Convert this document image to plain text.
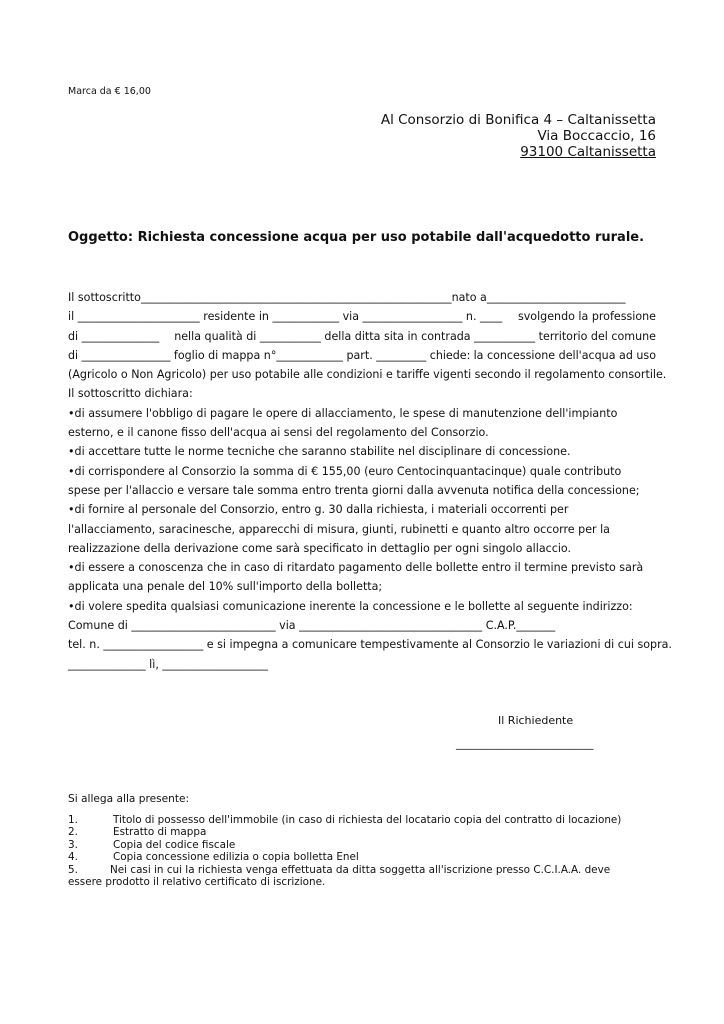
Marca da € 16,00
Al Consorzio di Bonifica 4 – Caltanissetta
Via Boccaccio, 16
93100 Caltanissetta
Oggetto: Richiesta concessione acqua per uso potabile dall'acquedotto rurale.
Il sottoscritto________________________________________________________nato a_________________________
il ______________________ residente in ____________ via __________________ n. ____ svolgendo la professione
di ______________ nella qualità di ___________ della ditta sita in contrada ___________ territorio del comune
di ________________ foglio di mappa n°____________ part. _________ chiede: la concessione dell'acqua ad uso
(Agricolo o Non Agricolo) per uso potabile alle condizioni e tariffe vigenti secondo il regolamento consortile.
Il sottoscritto dichiara:
•di assumere l'obbligo di pagare le opere di allacciamento, le spese di manutenzione dell'impianto
esterno, e il canone fisso dell'acqua ai sensi del regolamento del Consorzio.
•di accettare tutte le norme tecniche che saranno stabilite nel disciplinare di concessione.
•di corrispondere al Consorzio la somma di € 155,00 (euro Centocinquantacinque) quale contributo
spese per l'allaccio e versare tale somma entro trenta giorni dalla avvenuta notifica della concessione;
•di fornire al personale del Consorzio, entro g. 30 dalla richiesta, i materiali occorrenti per
l'allacciamento, saracinesche, apparecchi di misura, giunti, rubinetti e quanto altro occorre per la
realizzazione della derivazione come sarà specificato in dettaglio per ogni singolo allaccio.
•di essere a conoscenza che in caso di ritardato pagamento delle bollette entro il termine previsto sarà
applicata una penale del 10% sull'importo della bolletta;
•di volere spedita qualsiasi comunicazione inerente la concessione e le bollette al seguente indirizzo:
Comune di __________________________ via _________________________________ C.A.P._______
tel. n. __________________ e si impegna a comunicare tempestivamente al Consorzio le variazioni di cui sopra.
______________ lì, ___________________
Il Richiedente
_________________________
Si allega alla presente:
1.	Titolo di possesso dell'immobile (in caso di richiesta del locatario copia del contratto di locazione)
2.	Estratto di mappa
3.	Copia del codice fiscale
4.	Copia concessione edilizia o copia bolletta Enel
5.	Nei casi in cui la richiesta venga effettuata da ditta soggetta all'iscrizione presso C.C.I.A.A. deve
essere prodotto il relativo certificato di iscrizione.
